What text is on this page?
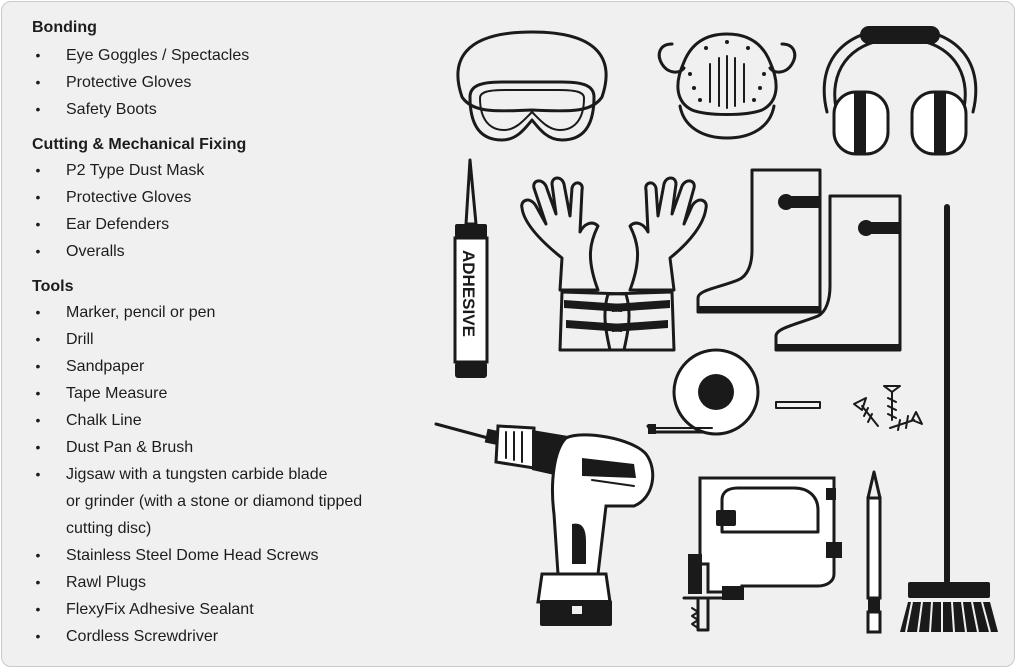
Bonding
• Eye Goggles / Spectacles
• Protective Gloves
• Safety Boots
Cutting & Mechanical Fixing
• P2 Type Dust Mask
• Protective Gloves
• Ear Defenders
• Overalls
Tools
• Marker, pencil or pen
• Drill
• Sandpaper
• Tape Measure
• Chalk Line
• Dust Pan & Brush
• Jigsaw with a tungsten carbide blade
or grinder (with a stone or diamond tipped
cutting disc)
• Stainless Steel Dome Head Screws
• Rawl Plugs
• FlexyFix Adhesive Sealant
• Cordless Screwdriver
ADHESIVE
